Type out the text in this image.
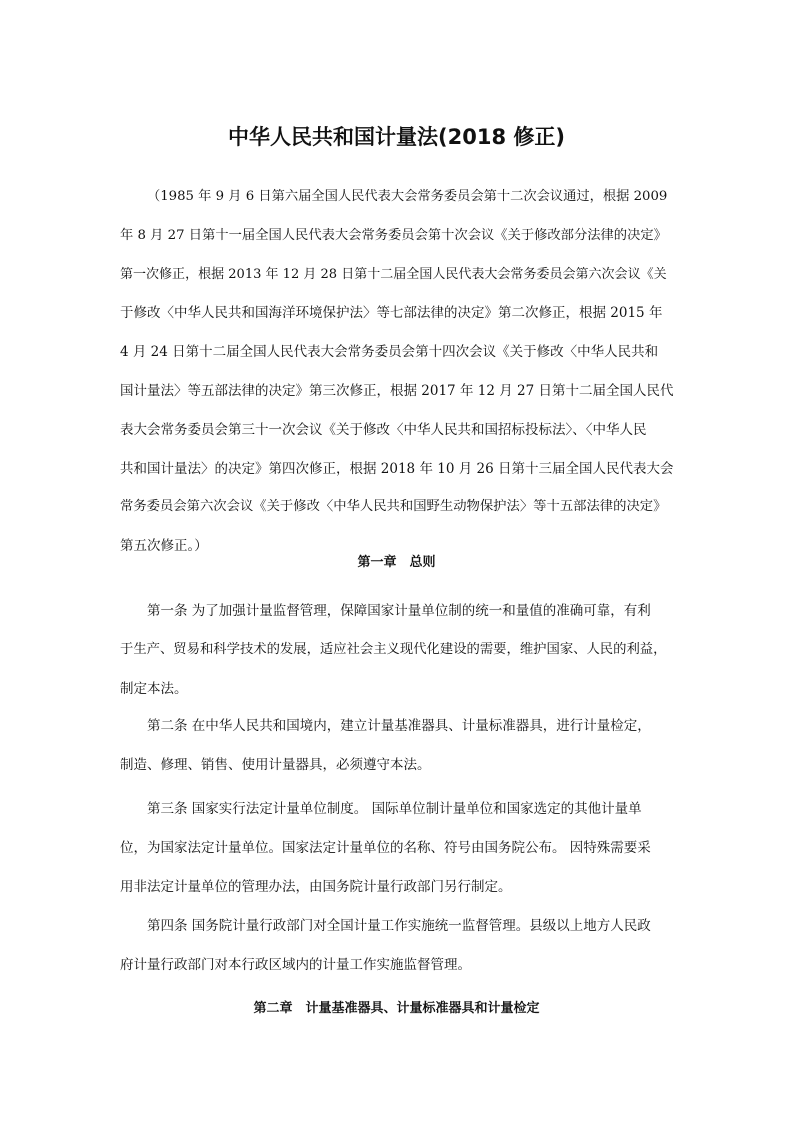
中华人民共和国计量法(2018 修正)
（1985 年 9 月 6 日第六届全国人民代表大会常务委员会第十二次会议通过，根据 2009
年 8 月 27 日第十一届全国人民代表大会常务委员会第十次会议《关于修改部分法律的决定》
第一次修正，根据 2013 年 12 月 28 日第十二届全国人民代表大会常务委员会第六次会议《关
于修改〈中华人民共和国海洋环境保护法〉等七部法律的决定》第二次修正，根据 2015 年
4 月 24 日第十二届全国人民代表大会常务委员会第十四次会议《关于修改〈中华人民共和
国计量法〉等五部法律的决定》第三次修正，根据 2017 年 12 月 27 日第十二届全国人民代
表大会常务委员会第三十一次会议《关于修改〈中华人民共和国招标投标法〉、〈中华人民
共和国计量法〉的决定》第四次修正，根据 2018 年 10 月 26 日第十三届全国人民代表大会
常务委员会第六次会议《关于修改〈中华人民共和国野生动物保护法〉等十五部法律的决定》
第五次修正。）
第一章　总则
第一条 为了加强计量监督管理，保障国家计量单位制的统一和量值的准确可靠，有利
于生产、贸易和科学技术的发展，适应社会主义现代化建设的需要，维护国家、人民的利益，
制定本法。
第二条 在中华人民共和国境内，建立计量基准器具、计量标准器具，进行计量检定，
制造、修理、销售、使用计量器具，必须遵守本法。
第三条 国家实行法定计量单位制度。 国际单位制计量单位和国家选定的其他计量单
位，为国家法定计量单位。国家法定计量单位的名称、符号由国务院公布。 因特殊需要采
用非法定计量单位的管理办法，由国务院计量行政部门另行制定。
第四条 国务院计量行政部门对全国计量工作实施统一监督管理。县级以上地方人民政
府计量行政部门对本行政区域内的计量工作实施监督管理。
第二章　计量基准器具、计量标准器具和计量检定
